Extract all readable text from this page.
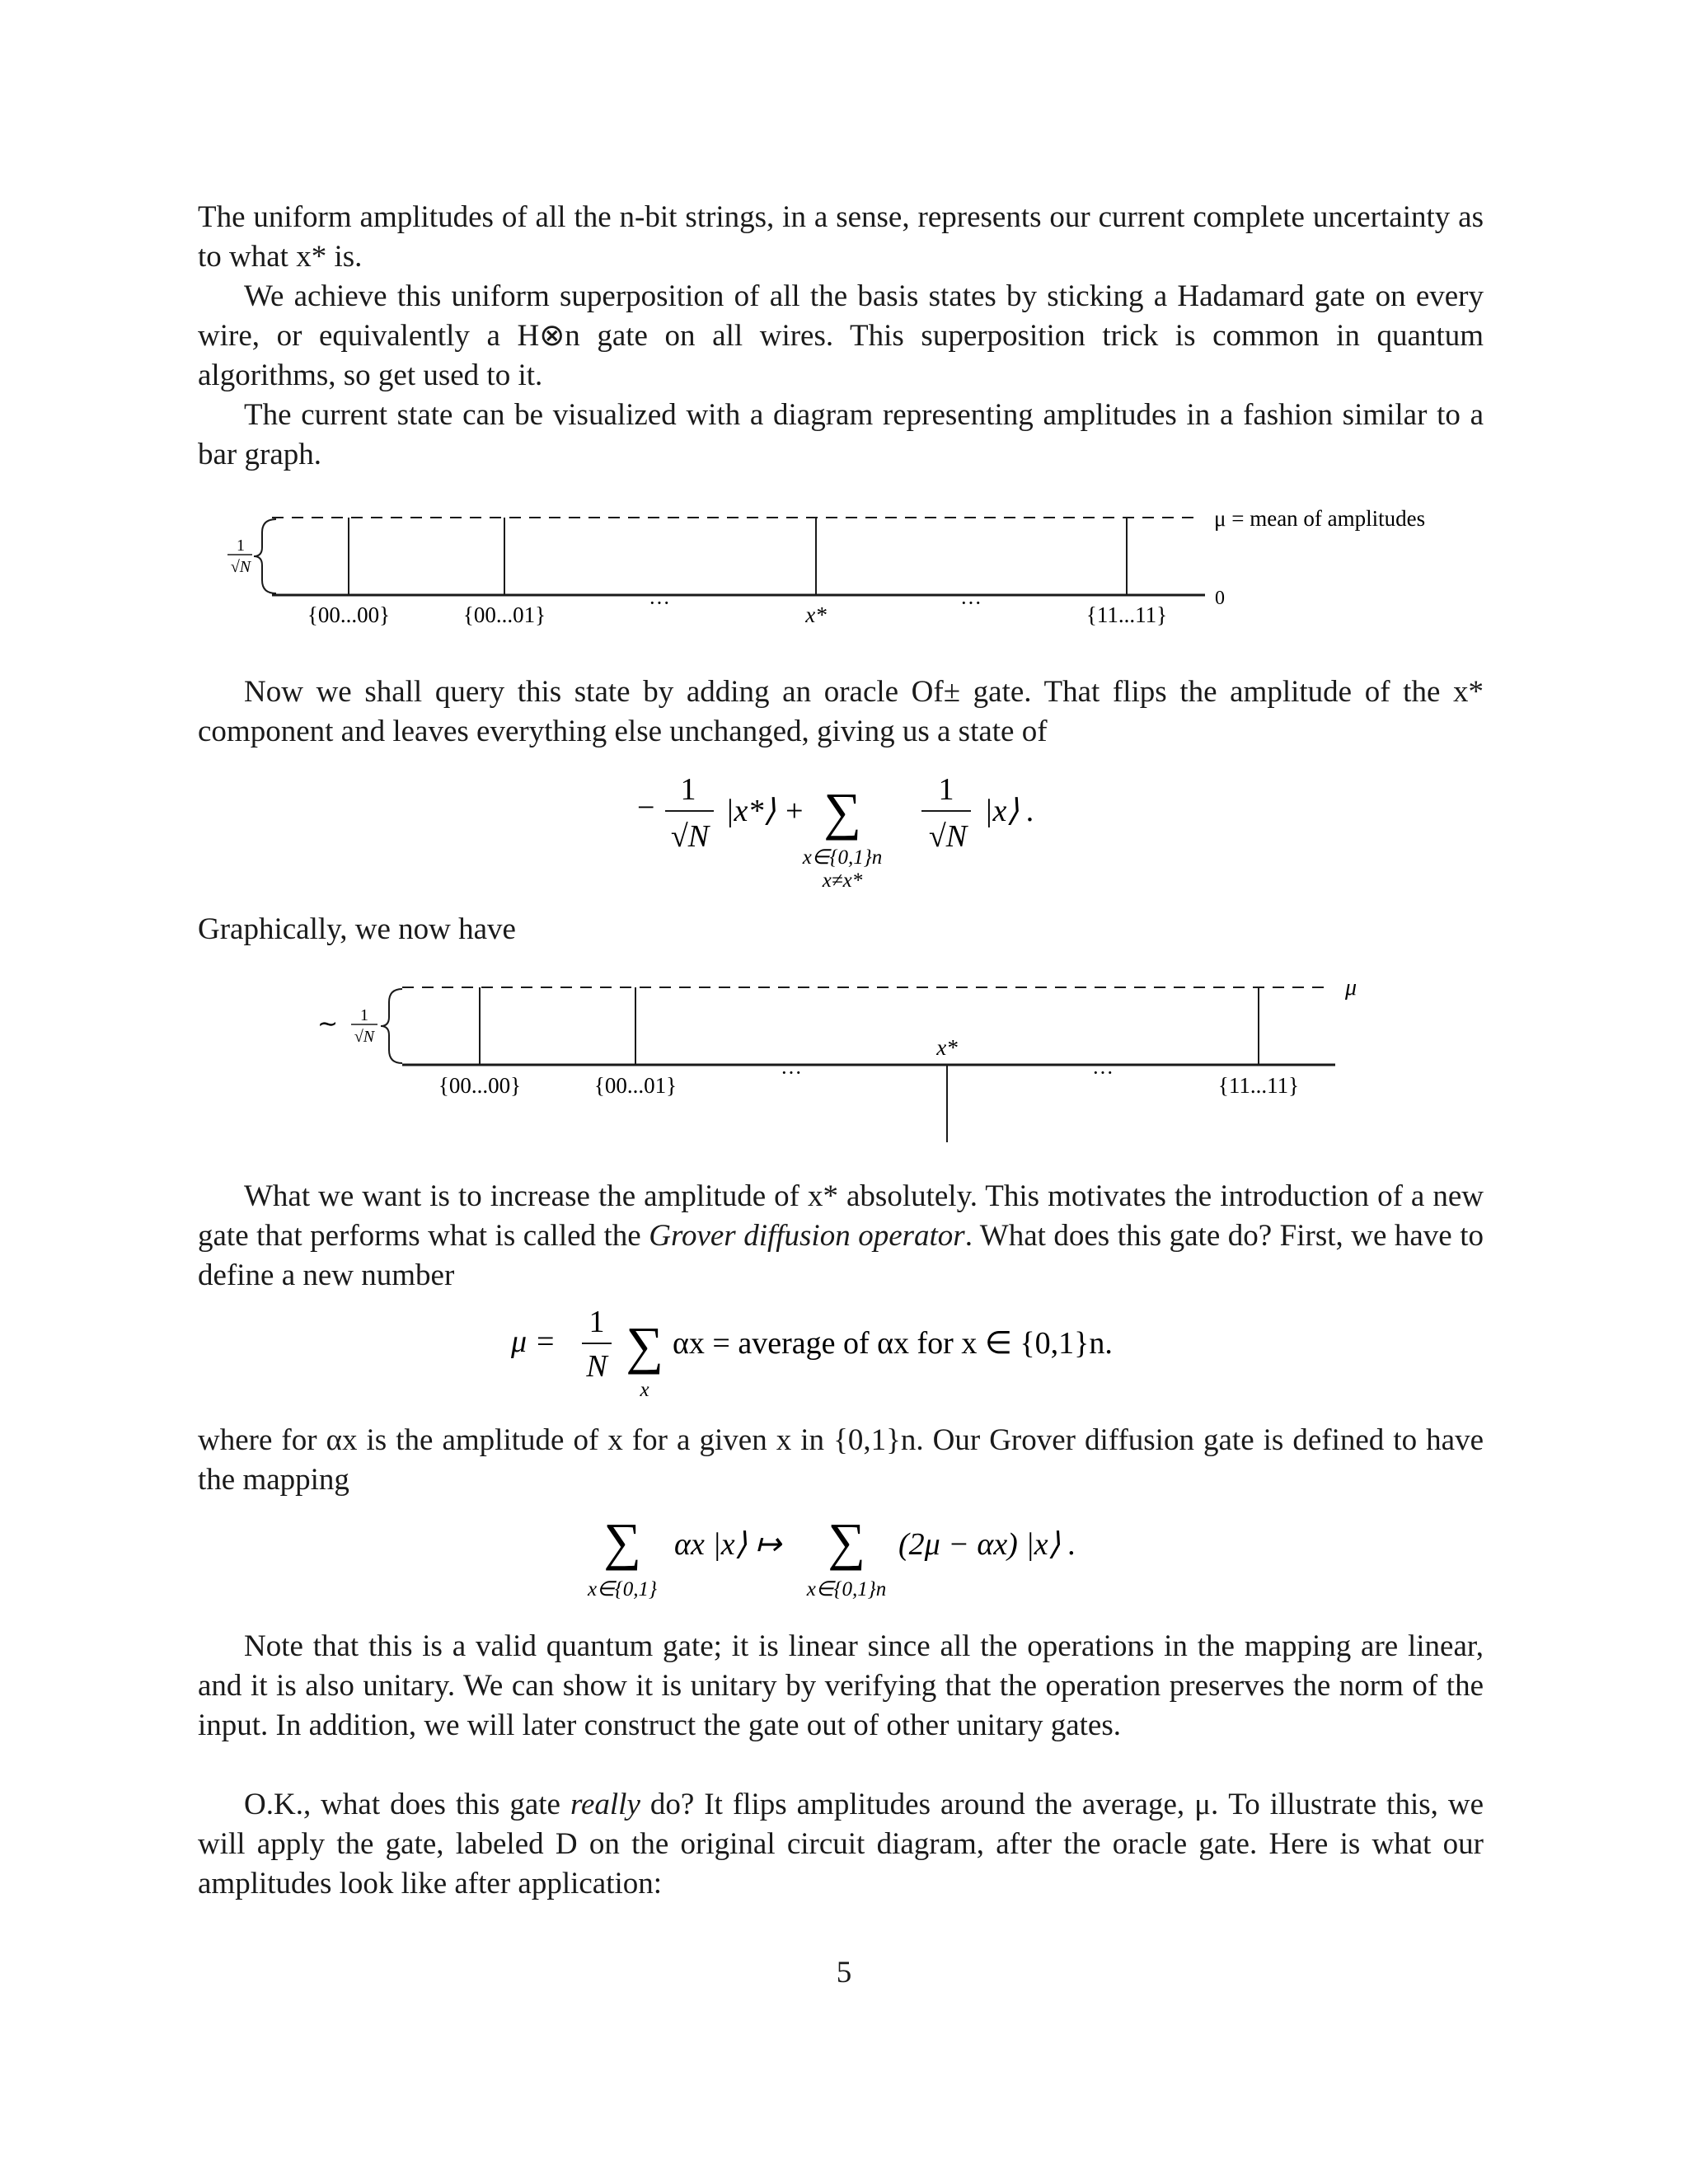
The uniform amplitudes of all the n-bit strings, in a sense, represents our current complete uncertainty as to what x* is.

We achieve this uniform superposition of all the basis states by sticking a Hadamard gate on every wire, or equivalently a H⊗n gate on all wires. This superposition trick is common in quantum algorithms, so get used to it.

The current state can be visualized with a diagram representing amplitudes in a fashion similar to a bar graph.

1
√N
μ = mean of amplitudes
0
{00...00}	{00...01}	···	x*	···	{11...11}

Now we shall query this state by adding an oracle Of± gate. That flips the amplitude of the x* component and leaves everything else unchanged, giving us a state of

−
1
√N
|x*⟩ + ∑
x∈{0,1}n
x≠x*
1
√N
|x⟩ .

Graphically, we now have

∼ 1
√N
μ
x*
{00...00}	{00...01}
···	···
{11...11}

What we want is to increase the amplitude of x* absolutely. This motivates the introduction of a new gate that performs what is called the Grover diffusion operator. What does this gate do? First, we have to define a new number

μ =
1
N ∑
x
αx = average of αx for x ∈ {0,1}n.

where for αx is the amplitude of x for a given x in {0,1}n. Our Grover diffusion gate is defined to have the mapping

∑
x∈{0,1}
αx |x⟩ ↦ ∑
x∈{0,1}n
(2μ − αx) |x⟩ .

Note that this is a valid quantum gate; it is linear since all the operations in the mapping are linear, and it is also unitary. We can show it is unitary by verifying that the operation preserves the norm of the input. In addition, we will later construct the gate out of other unitary gates.

O.K., what does this gate really do? It flips amplitudes around the average, μ. To illustrate this, we will apply the gate, labeled D on the original circuit diagram, after the oracle gate. Here is what our amplitudes look like after application:

5
